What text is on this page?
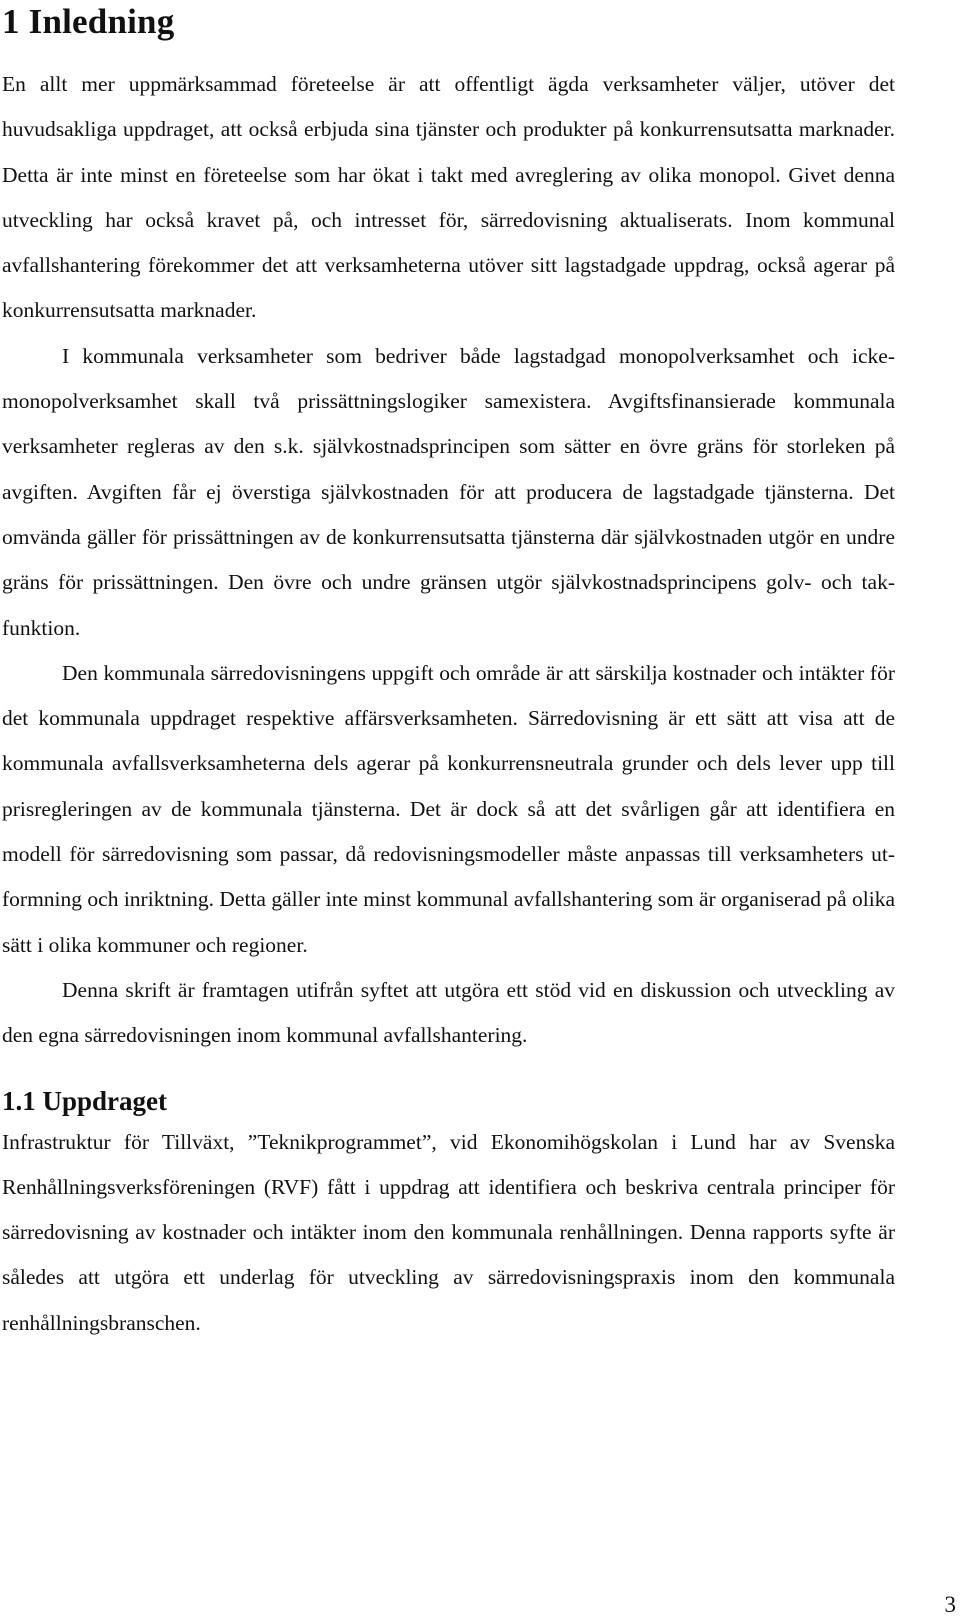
1 Inledning

En allt mer uppmärksammad företeelse är att offentligt ägda verksamheter väljer, utöver det huvudsakliga uppdraget, att också erbjuda sina tjänster och produkter på konkurrensutsatta marknader. Detta är inte minst en företeelse som har ökat i takt med avreglering av olika monopol. Givet denna utveckling har också kravet på, och intresset för, särredovisning aktualiserats. Inom kommunal avfallshantering förekommer det att verksamheterna utöver sitt lagstadgade uppdrag, också agerar på konkurrensutsatta marknader.

I kommunala verksamheter som bedriver både lagstadgad monopolverksamhet och icke-monopolverksamhet skall två prissättningslogiker samexistera. Avgiftsfinansierade kommunala verksamheter regleras av den s.k. självkostnadsprincipen som sätter en övre gräns för storleken på avgiften. Avgiften får ej överstiga självkostnaden för att producera de lagstadgade tjänsterna. Det omvända gäller för prissättningen av de konkurrensutsatta tjänsterna där självkostnaden utgör en undre gräns för prissättningen. Den övre och undre gränsen utgör självkostnadsprincipens golv- och takfunktion.

Den kommunala särredovisningens uppgift och område är att särskilja kostnader och intäkter för det kommunala uppdraget respektive affärsverksamheten. Särredovisning är ett sätt att visa att de kommunala avfallsverksamheterna dels agerar på konkurrensneutrala grunder och dels lever upp till prisregleringen av de kommunala tjänsterna. Det är dock så att det svårligen går att identifiera en modell för särredovisning som passar, då redovisningsmodeller måste anpassas till verksamheters utformning och inriktning. Detta gäller inte minst kommunal avfallshantering som är organiserad på olika sätt i olika kommuner och regioner.

Denna skrift är framtagen utifrån syftet att utgöra ett stöd vid en diskussion och utveckling av den egna särredovisningen inom kommunal avfallshantering.

1.1 Uppdraget

Infrastruktur för Tillväxt, ”Teknikprogrammet”, vid Ekonomihögskolan i Lund har av Svenska Renhållningsverksföreningen (RVF) fått i uppdrag att identifiera och beskriva centrala principer för särredovisning av kostnader och intäkter inom den kommunala renhållningen. Denna rapports syfte är således att utgöra ett underlag för utveckling av särredovisningspraxis inom den kommunala renhållningsbranschen.

3
